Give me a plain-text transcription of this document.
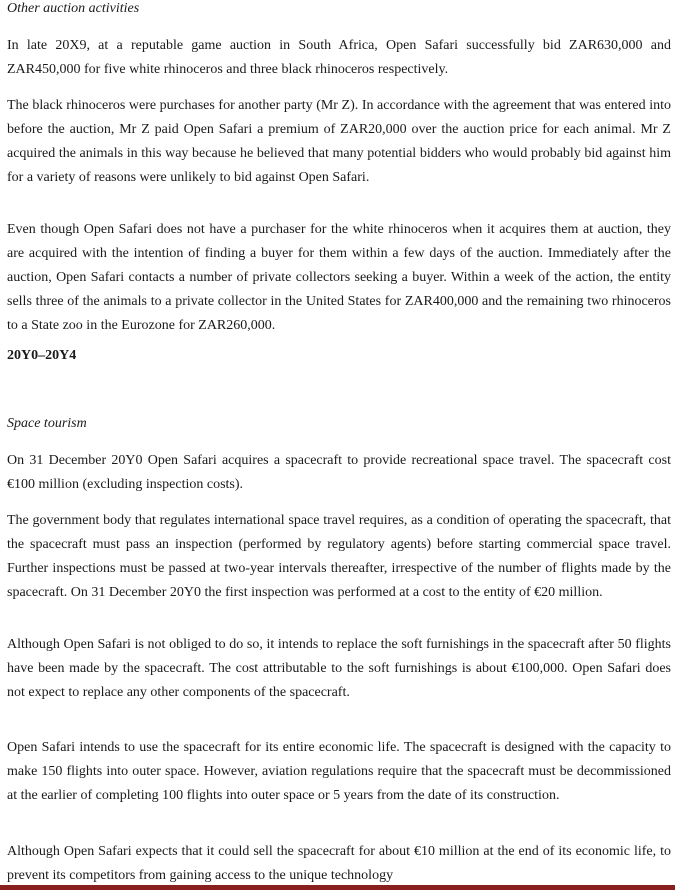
Other auction activities

In late 20X9, at a reputable game auction in South Africa, Open Safari successfully bid ZAR630,000 and ZAR450,000 for five white rhinoceros and three black rhinoceros respectively.

The black rhinoceros were purchases for another party (Mr Z). In accordance with the agreement that was entered into before the auction, Mr Z paid Open Safari a premium of ZAR20,000 over the auction price for each animal. Mr Z acquired the animals in this way because he believed that many potential bidders who would probably bid against him for a variety of reasons were unlikely to bid against Open Safari.

Even though Open Safari does not have a purchaser for the white rhinoceros when it acquires them at auction, they are acquired with the intention of finding a buyer for them within a few days of the auction. Immediately after the auction, Open Safari contacts a number of private collectors seeking a buyer. Within a week of the action, the entity sells three of the animals to a private collector in the United States for ZAR400,000 and the remaining two rhinoceros to a State zoo in the Eurozone for ZAR260,000.

20Y0–20Y4

Space tourism

On 31 December 20Y0 Open Safari acquires a spacecraft to provide recreational space travel. The spacecraft cost €100 million (excluding inspection costs).

The government body that regulates international space travel requires, as a condition of operating the spacecraft, that the spacecraft must pass an inspection (performed by regulatory agents) before starting commercial space travel. Further inspections must be passed at two-year intervals thereafter, irrespective of the number of flights made by the spacecraft. On 31 December 20Y0 the first inspection was performed at a cost to the entity of €20 million.

Although Open Safari is not obliged to do so, it intends to replace the soft furnishings in the spacecraft after 50 flights have been made by the spacecraft. The cost attributable to the soft furnishings is about €100,000. Open Safari does not expect to replace any other components of the spacecraft.

Open Safari intends to use the spacecraft for its entire economic life. The spacecraft is designed with the capacity to make 150 flights into outer space. However, aviation regulations require that the spacecraft must be decommissioned at the earlier of completing 100 flights into outer space or 5 years from the date of its construction.

Although Open Safari expects that it could sell the spacecraft for about €10 million at the end of its economic life, to prevent its competitors from gaining access to the unique technology
